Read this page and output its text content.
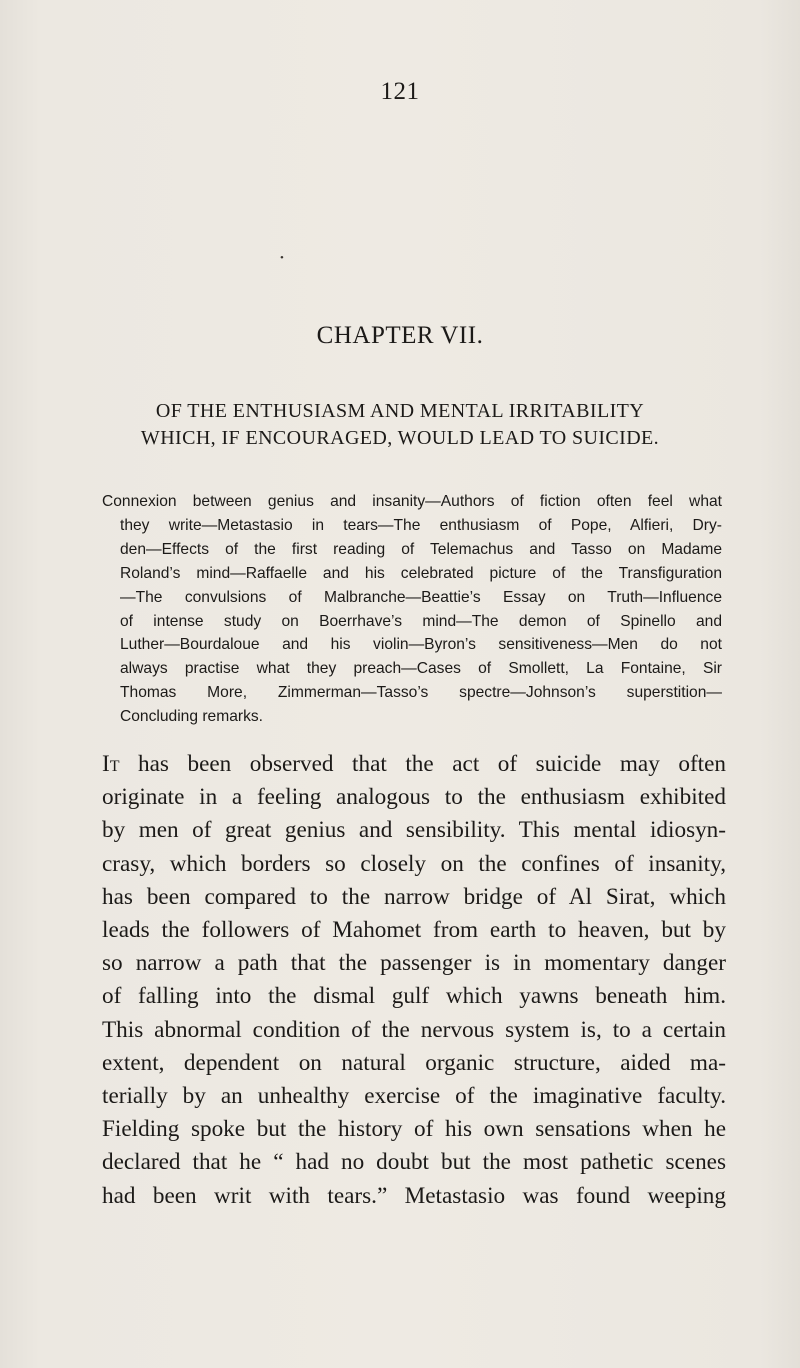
121
•
CHAPTER VII.
OF THE ENTHUSIASM AND MENTAL IRRITABILITY
WHICH, IF ENCOURAGED, WOULD LEAD TO SUICIDE.
Connexion between genius and insanity—Authors of fiction often feel what
they write—Metastasio in tears—The enthusiasm of Pope, Alfieri, Dry-
den—Effects of the first reading of Telemachus and Tasso on Madame
Roland’s mind—Raffaelle and his celebrated picture of the Transfiguration
—The convulsions of Malbranche—Beattie’s Essay on Truth—Influence
of intense study on Boerrhave’s mind—The demon of Spinello and
Luther—Bourdaloue and his violin—Byron’s sensitiveness—Men do not
always practise what they preach—Cases of Smollett, La Fontaine, Sir
Thomas More, Zimmerman—Tasso’s spectre—Johnson’s superstition—
Concluding remarks.
It has been observed that the act of suicide may often
originate in a feeling analogous to the enthusiasm exhibited
by men of great genius and sensibility. This mental idiosyn-
crasy, which borders so closely on the confines of insanity,
has been compared to the narrow bridge of Al Sirat, which
leads the followers of Mahomet from earth to heaven, but by
so narrow a path that the passenger is in momentary danger
of falling into the dismal gulf which yawns beneath him.
This abnormal condition of the nervous system is, to a certain
extent, dependent on natural organic structure, aided ma-
terially by an unhealthy exercise of the imaginative faculty.
Fielding spoke but the history of his own sensations when he
declared that he “ had no doubt but the most pathetic scenes
had been writ with tears.” Metastasio was found weeping
